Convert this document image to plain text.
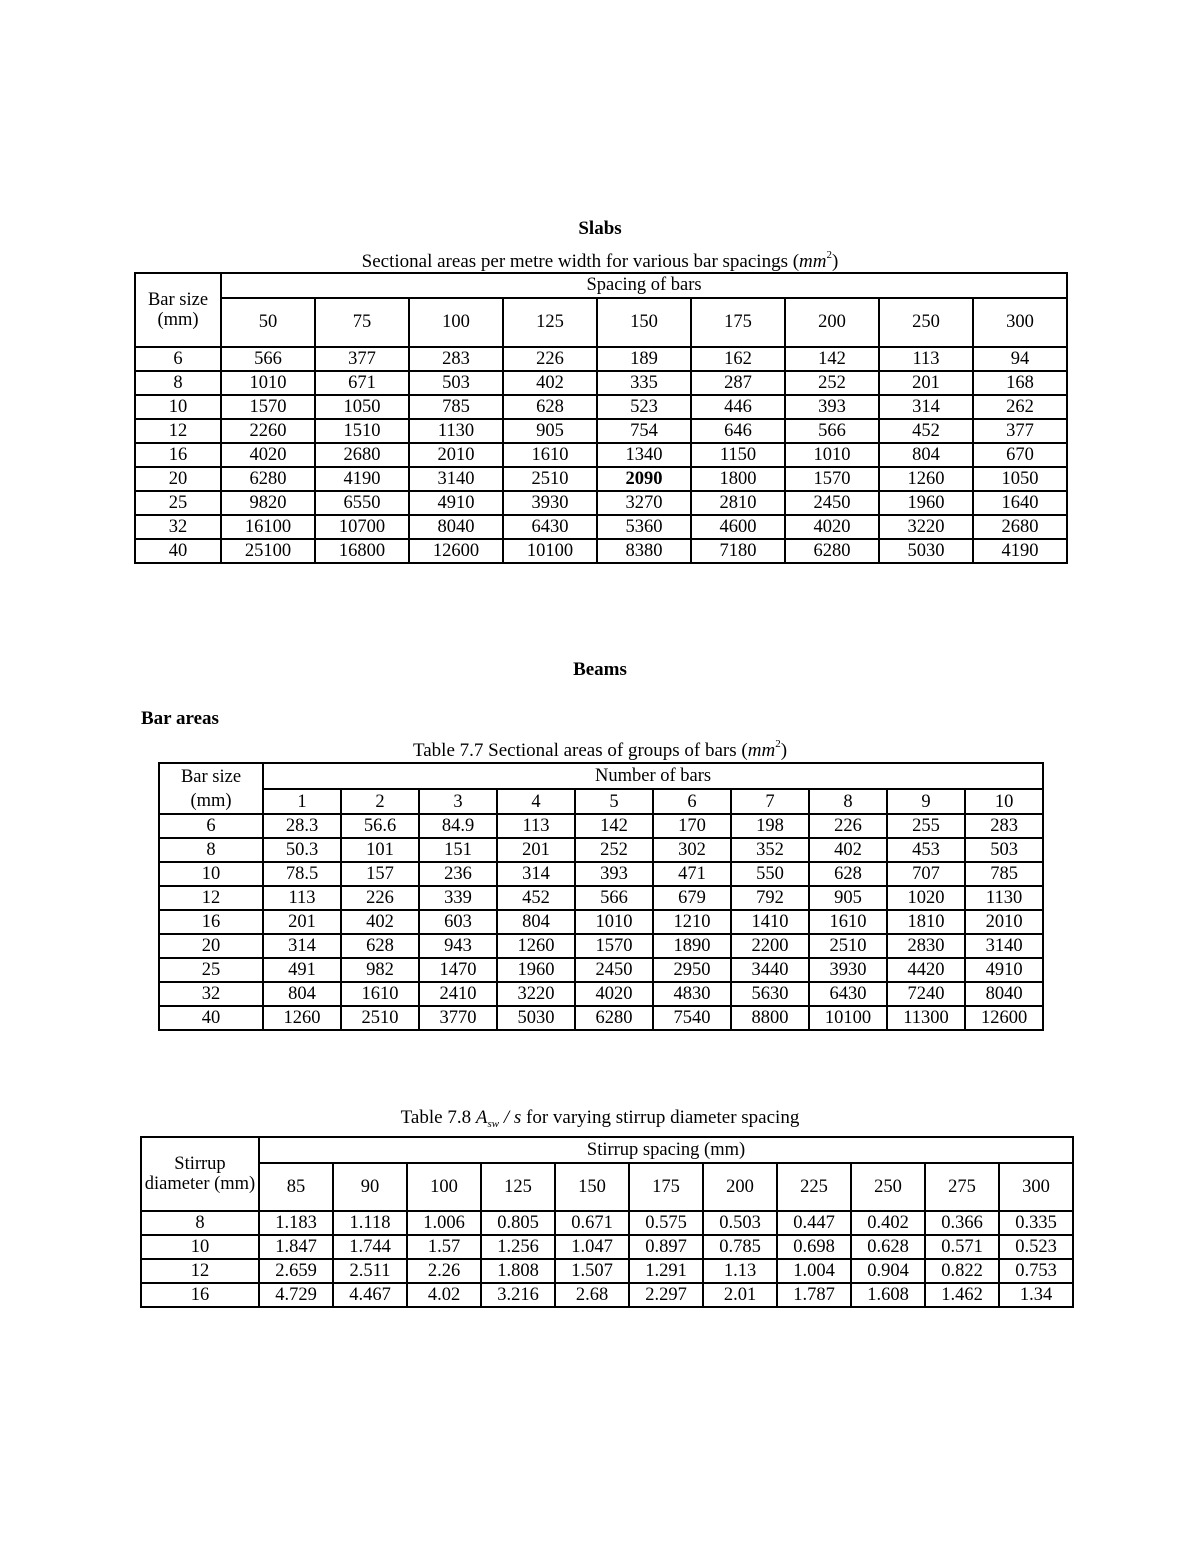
Slabs
Sectional areas per metre width for various bar spacings $(mm^2)$
Bar size (mm)	Spacing of bars								
	50	75	100	125	150	175	200	250	300
6	566	377	283	226	189	162	142	113	94
8	1010	671	503	402	335	287	252	201	168
10	1570	1050	785	628	523	446	393	314	262
12	2260	1510	1130	905	754	646	566	452	377
16	4020	2680	2010	1610	1340	1150	1010	804	670
20	6280	4190	3140	2510	2090	1800	1570	1260	1050
25	9820	6550	4910	3930	3270	2810	2450	1960	1640
32	16100	10700	8040	6430	5360	4600	4020	3220	2680
40	25100	16800	12600	10100	8380	7180	6280	5030	4190
Beams
Bar areas
Table 7.7 Sectional areas of groups of bars $(mm^2)$
Bar size	Number of bars									
(mm)	1	2	3	4	5	6	7	8	9	10
6	28.3	56.6	84.9	113	142	170	198	226	255	283
8	50.3	101	151	201	252	302	352	402	453	503
10	78.5	157	236	314	393	471	550	628	707	785
12	113	226	339	452	566	679	792	905	1020	1130
16	201	402	603	804	1010	1210	1410	1610	1810	2010
20	314	628	943	1260	1570	1890	2200	2510	2830	3140
25	491	982	1470	1960	2450	2950	3440	3930	4420	4910
32	804	1610	2410	3220	4020	4830	5630	6430	7240	8040
40	1260	2510	3770	5030	6280	7540	8800	10100	11300	12600
Table 7.8 $A_{sw}$ / s for varying stirrup diameter spacing
Stirrup diameter (mm)	Stirrup spacing (mm)										
	85	90	100	125	150	175	200	225	250	275	300
8	1.183	1.118	1.006	0.805	0.671	0.575	0.503	0.447	0.402	0.366	0.335
10	1.847	1.744	1.57	1.256	1.047	0.897	0.785	0.698	0.628	0.571	0.523
12	2.659	2.511	2.26	1.808	1.507	1.291	1.13	1.004	0.904	0.822	0.753
16	4.729	4.467	4.02	3.216	2.68	2.297	2.01	1.787	1.608	1.462	1.34
